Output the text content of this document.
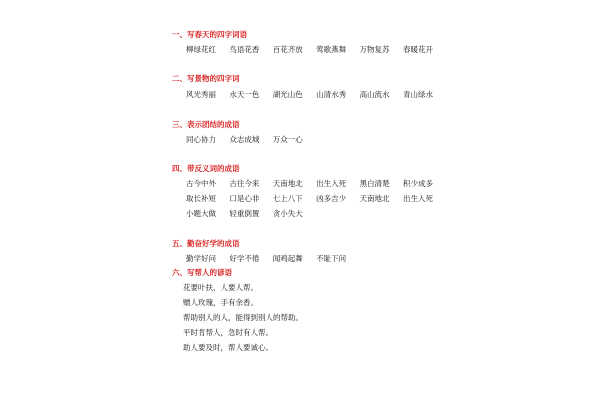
一、写春天的四字词语
柳绿花红 鸟语花香 百花齐放 莺歌燕舞 万物复苏 春暖花开
二、写景物的四字词
风光秀丽 水天一色 湖光山色 山清水秀 高山流水 青山绿水
三、表示团结的成语
同心协力 众志成城 万众一心
四、带反义词的成语
古今中外 古往今来 天南地北 出生入死 黑白清楚 积少成多
取长补短 口是心非 七上八下 凶多吉少 天南地北 出生入死
小题大做 轻重倒置 贪小失大
五、勤奋好学的成语
勤学好问 好学不倦 闻鸡起舞 不耻下问
六、写帮人的谚语
花要叶扶，人要人帮。
赠人玫瑰，手有余香。
帮助别人的人，能得到别人的帮助。
平时肯帮人，急时有人帮。
助人要及时，帮人要诚心。
